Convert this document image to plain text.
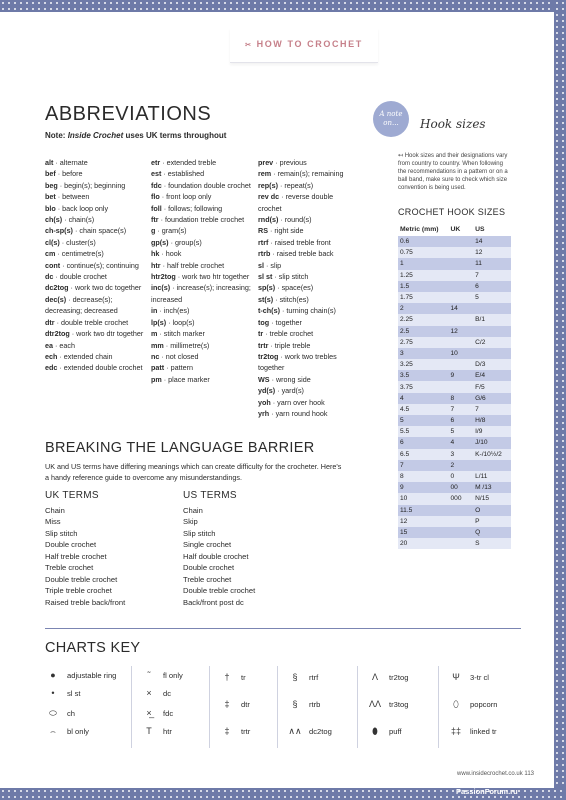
✂ HOW TO CROCHET
ABBREVIATIONS
Note: Inside Crochet uses UK terms throughout
alt · alternate
bef · before
beg · begin(s); beginning
bet · between
blo · back loop only
ch(s) · chain(s)
ch-sp(s) · chain space(s)
cl(s) · cluster(s)
cm · centimetre(s)
cont · continue(s); continuing
dc · double crochet
dc2tog · work two dc together
dec(s) · decrease(s); decreasing; decreased
dtr · double treble crochet
dtr2tog · work two dtr together
ea · each
ech · extended chain
edc · extended double crochet
etr · extended treble
est · established
fdc · foundation double crochet
flo · front loop only
foll · follows; following
ftr · foundation treble crochet
g · gram(s)
gp(s) · group(s)
hk · hook
htr · half treble crochet
htr2tog · work two htr together
inc(s) · increase(s); increasing; increased
in · inch(es)
lp(s) · loop(s)
m · stitch marker
mm · millimetre(s)
nc · not closed
patt · pattern
pm · place marker
prev · previous
rem · remain(s); remaining
rep(s) · repeat(s)
rev dc · reverse double crochet
rnd(s) · round(s)
RS · right side
rtrf · raised treble front
rtrb · raised treble back
sl · slip
sl st · slip stitch
sp(s) · space(es)
st(s) · stitch(es)
t-ch(s) · turning chain(s)
tog · together
tr · treble crochet
trtr · triple treble
tr2tog · work two trebles together
WS · wrong side
yd(s) · yard(s)
yoh · yarn over hook
yrh · yarn round hook
BREAKING THE LANGUAGE BARRIER
UK and US terms have differing meanings which can create difficulty for the crocheter. Here's a handy reference guide to overcome any misunderstandings.
UK TERMS
Chain
Miss
Slip stitch
Double crochet
Half treble crochet
Treble crochet
Double treble crochet
Triple treble crochet
Raised treble back/front
US TERMS
Chain
Skip
Slip stitch
Single crochet
Half double crochet
Double crochet
Treble crochet
Double treble crochet
Back/front post dc
A note
on...	Hook sizes
↤ Hook sizes and their designations vary from country to country. When following the recommendations in a pattern or on a ball band, make sure to check which size convention is being used.
CROCHET HOOK SIZES
Metric (mm)	UK	US
0.6		14
0.75		12
1		11
1.25		7
1.5		6
1.75		5
2	14	
2.25		B/1
2.5	12	
2.75		C/2
3	10	
3.25		D/3
3.5	9	E/4
3.75		F/5
4	8	G/6
4.5	7	7
5	6	H/8
5.5	5	I/9
6	4	J/10
6.5	3	K-/10½/2
7	2	
8	0	L/11
9	00	M /13
10	000	N/15
11.5		O
12		P
15		Q
20		S
CHARTS KEY
●	adjustable ring
•	sl st
⬭	ch
⌢	bl only
˜	fl only
×	dc
×̲	fdc
T	htr
†	tr
‡	dtr
‡	trtr
§	rtrf
§	rtrb
∧∧ dc2tog
Λ	tr2tog
ΛΛ tr3tog
⬮	puff
Ψ	3-tr cl
⬯	popcorn
‡‡	linked tr
www.insidecrochet.co.uk 113
PassionForum.ru
